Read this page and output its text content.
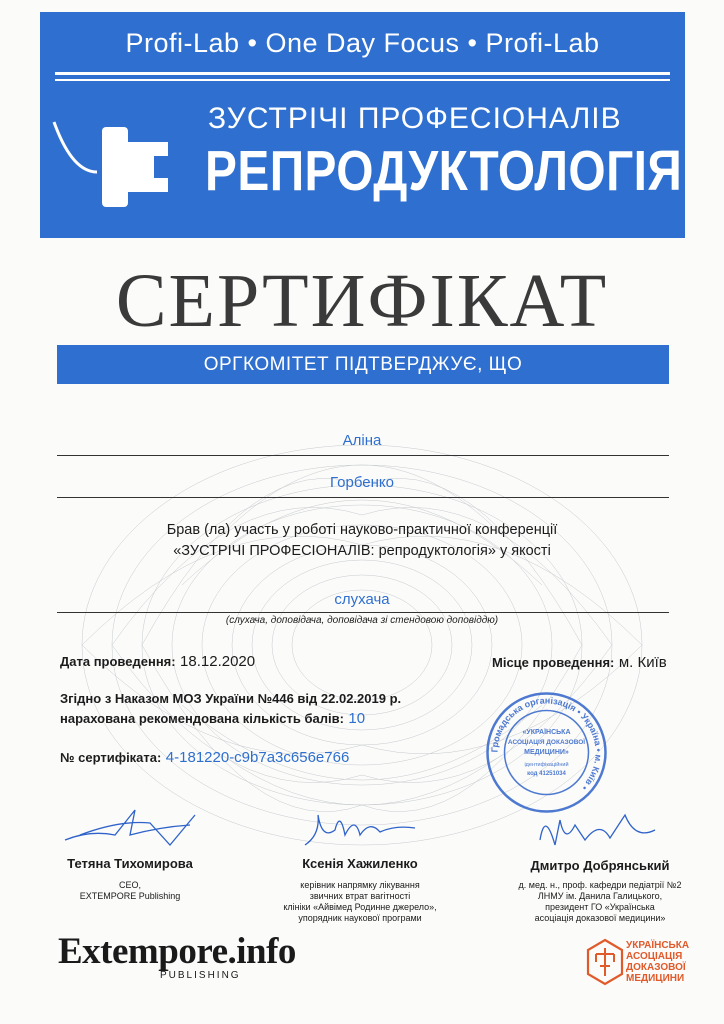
Profi-Lab • One Day Focus • Profi-Lab
ЗУСТРІЧІ ПРОФЕСІОНАЛІВ
РЕПРОДУКТОЛОГІЯ
СЕРТИФІКАТ
ОРГКОМІТЕТ ПІДТВЕРДЖУЄ, ЩО
Аліна
Горбенко
Брав (ла) участь у роботі науково-практичної конференції
«ЗУСТРІЧІ ПРОФЕСІОНАЛІВ: репродуктологія» у якості
слухача
(слухача, доповідача, доповідача зі стендовою доповіддю)
Дата проведення: 18.12.2020	Місце проведення: м. Київ
Згідно з Наказом МОЗ України №446 від 22.02.2019 р.
нарахована рекомендована кількість балів: 10
№ сертифіката: 4-181220-c9b7a3c656e766	Громадська організація • Україна • м. Київ •
«УКРАЇНСЬКА
АСОЦІАЦІЯ ДОКАЗОВОЇ
МЕДИЦИНИ»
ідентифікаційний
код 41251034
Тетяна Тихомирова
CEO,
EXTEMPORE Publishing
Ксенія Хажиленко
керівник напрямку лікування
звичних втрат вагітності
клініки «Айвімед Родинне джерело»,
упорядник наукової програми
Дмитро Добрянський
д. мед. н., проф. кафедри педіатрії №2
ЛНМУ ім. Данила Галицького,
президент ГО «Українська
асоціація доказової медицини»
Extempore.info
PUBLISHING
УКРАЇНСЬКА
АСОЦІАЦІЯ
ДОКАЗОВОЇ
МЕДИЦИНИ
